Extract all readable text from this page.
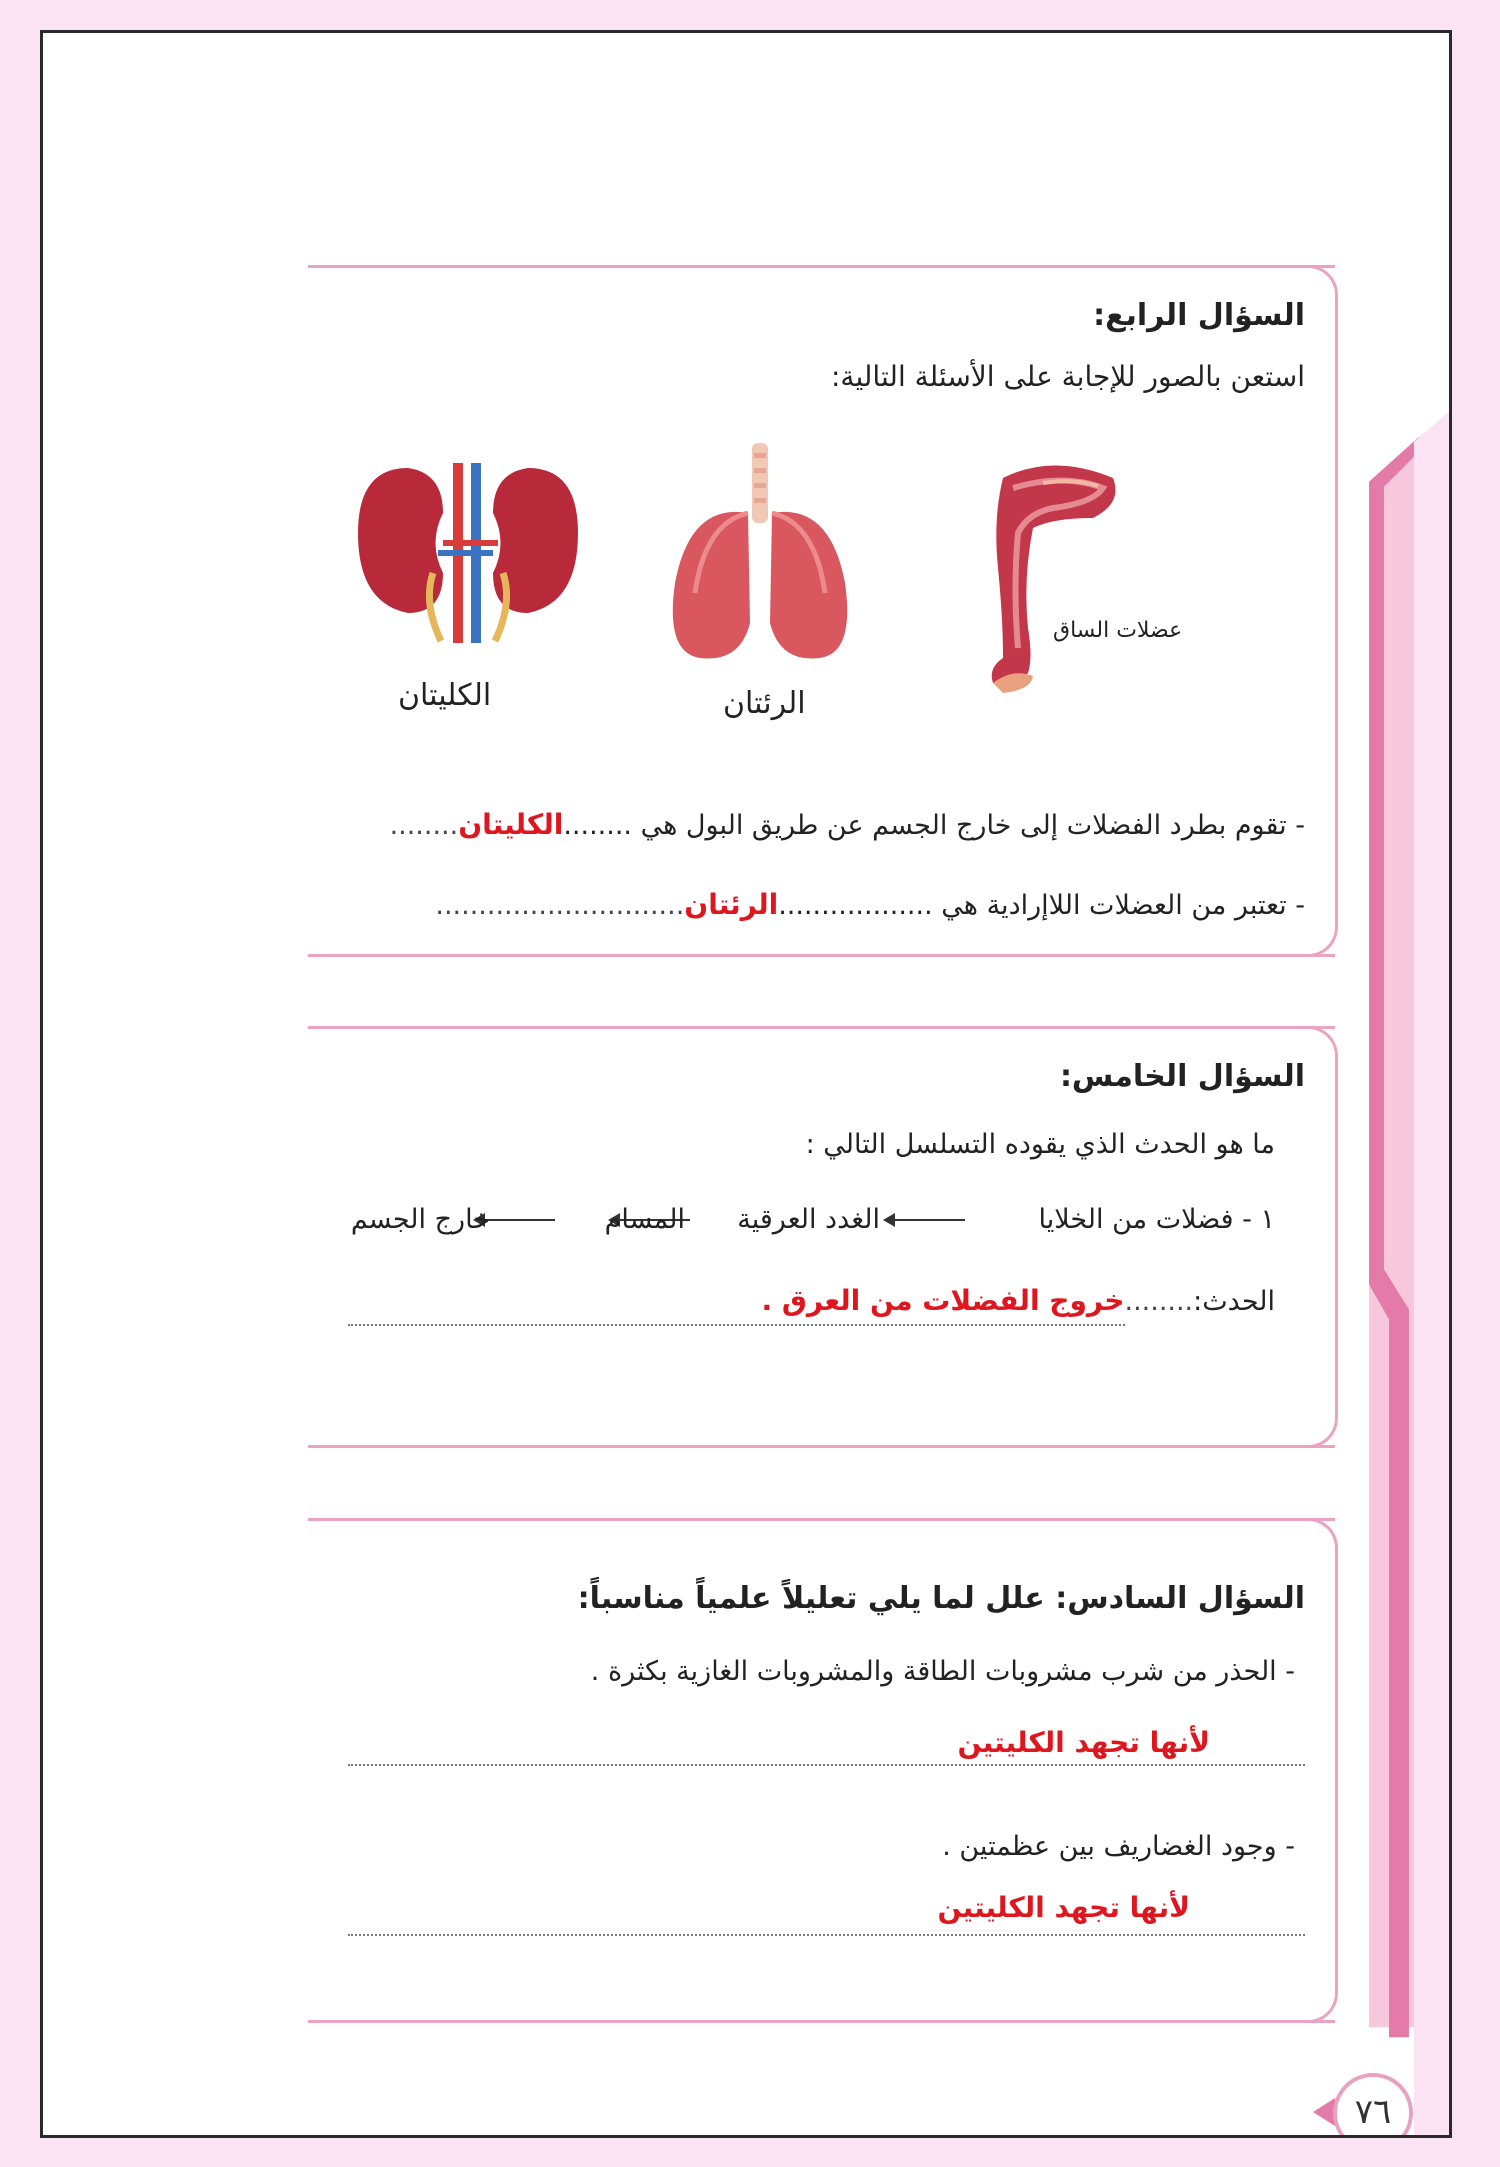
السؤال الرابع:
استعن بالصور للإجابة على الأسئلة التالية:
عضلات الساق
الرئتان
الكليتان
- تقوم بطرد الفضلات إلى خارج الجسم عن طريق البول هي ........الكليتان........
- تعتبر من العضلات اللاإرادية هي ..................الرئتان.............................
السؤال الخامس:
ما هو الحدث الذي يقوده التسلسل التالي :
١ - فضلات من الخلايا
الغدد العرقية
المسام
خارج الجسم
الحدث:........خروج الفضلات من العرق .
السؤال السادس: علل لما يلي تعليلاً علمياً مناسباً:
- الحذر من شرب مشروبات الطاقة والمشروبات الغازية بكثرة .
لأنها تجهد الكليتين
- وجود الغضاريف بين عظمتين .
لأنها تجهد الكليتين
٧٦
